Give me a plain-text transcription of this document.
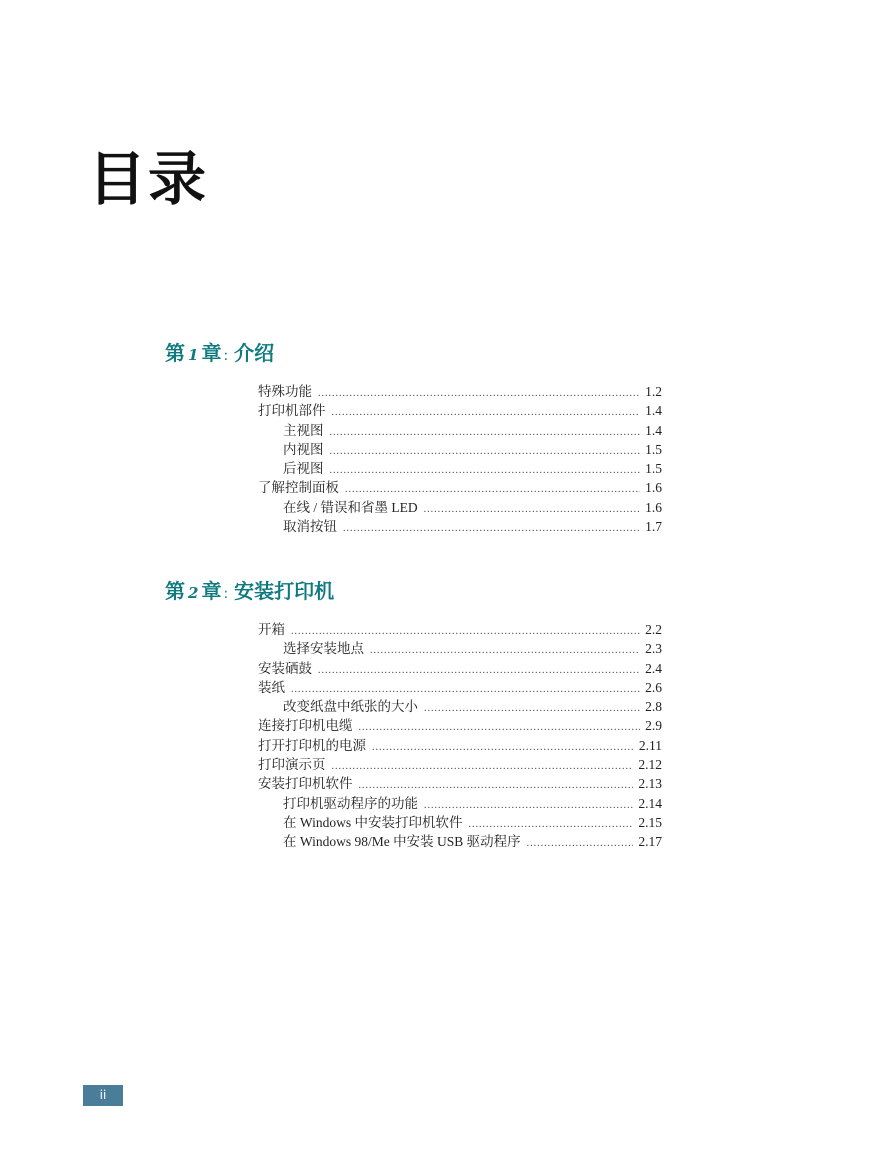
目录
第 1 章 : 介绍
特殊功能 .....	1.2
打印机部件 .....	1.4
主视图 .....	1.4
内视图 .....	1.5
后视图 .....	1.5
了解控制面板 .....	1.6
在线 / 错误和省墨 LED .....	1.6
取消按钮 .....	1.7
第 2 章 : 安装打印机
开箱 .....	2.2
选择安装地点 .....	2.3
安装硒鼓 .....	2.4
装纸 .....	2.6
改变纸盘中纸张的大小 .....	2.8
连接打印机电缆 .....	2.9
打开打印机的电源 .....	2.11
打印演示页 .....	2.12
安装打印机软件 .....	2.13
打印机驱动程序的功能 .....	2.14
在 Windows 中安装打印机软件 .....	2.15
在 Windows 98/Me 中安装 USB 驱动程序 .....	2.17
ii
